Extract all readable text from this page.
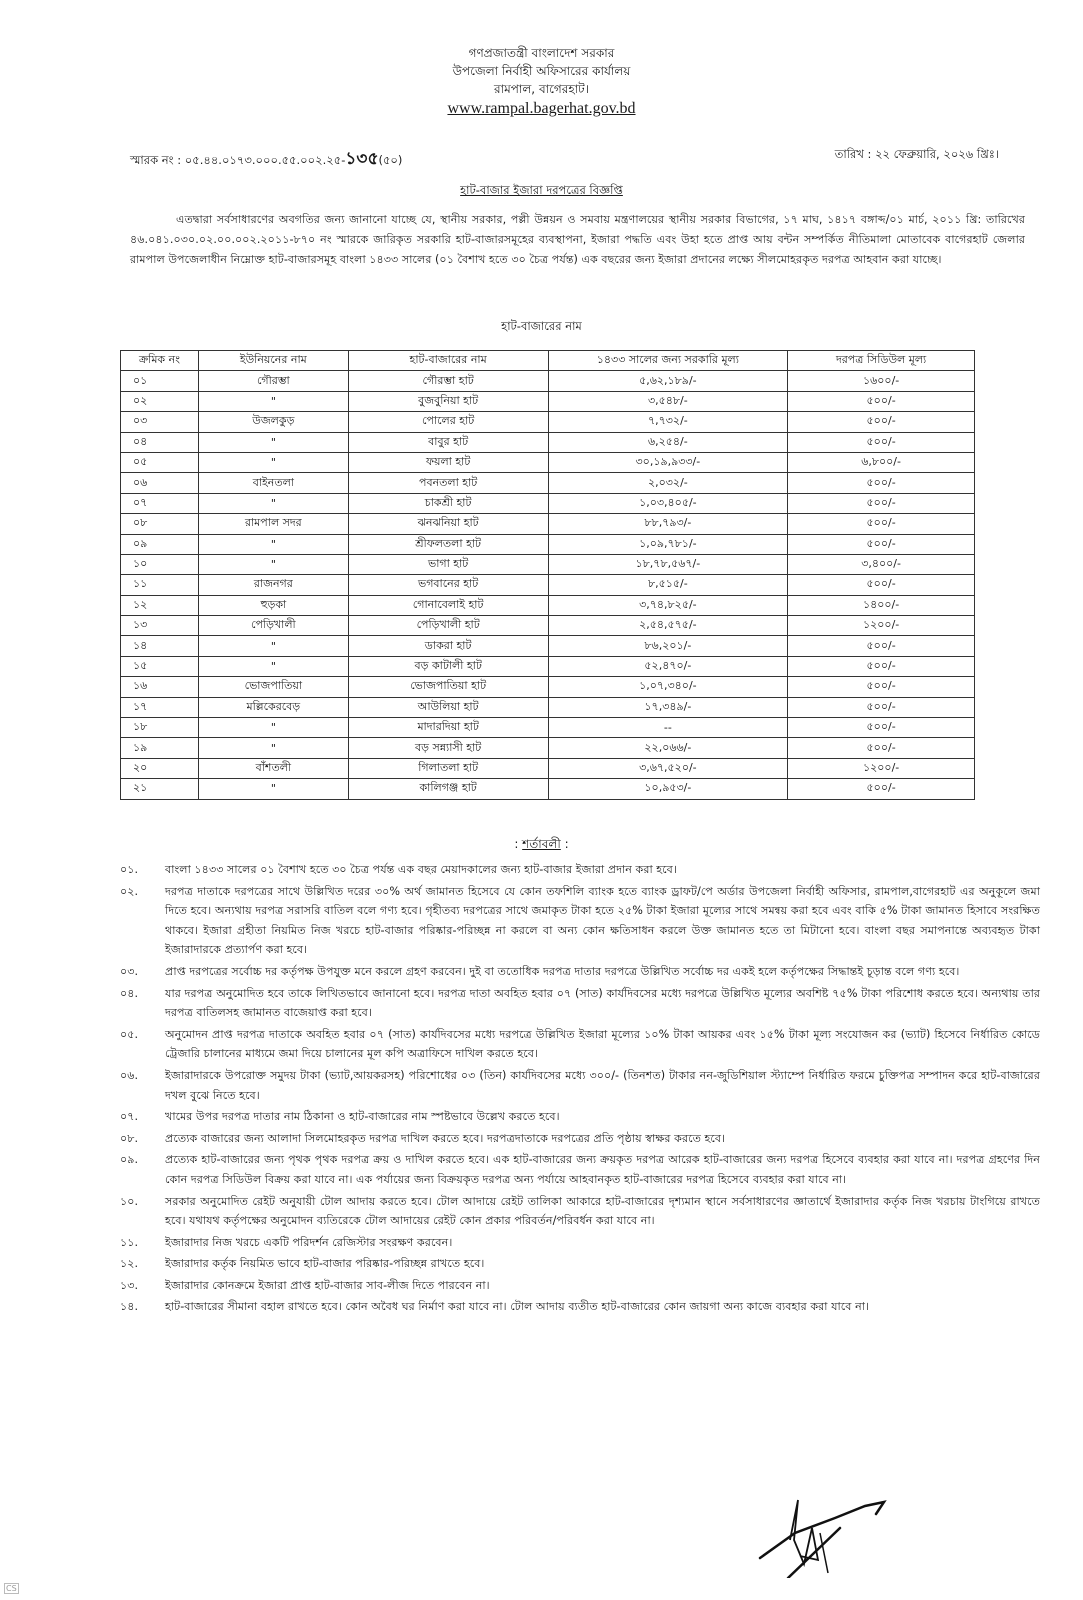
গণপ্রজাতন্ত্রী বাংলাদেশ সরকার
উপজেলা নির্বাহী অফিসারের কার্যালয়
রামপাল, বাগেরহাট।
www.rampal.bagerhat.gov.bd
স্মারক নং : ০৫.৪৪.০১৭৩.০০০.৫৫.০০২.২৫-১৩৫(৫০)	তারিখ : ২২ ফেব্রুয়ারি, ২০২৬ খ্রিঃ।
হাট-বাজার ইজারা দরপত্রের বিজ্ঞপ্তি
এতদ্বারা সর্বসাধারণের অবগতির জন্য জানানো যাচ্ছে যে, স্থানীয় সরকার, পল্লী উন্নয়ন ও সমবায় মন্ত্রণালয়ের স্থানীয় সরকার বিভাগের, ১৭ মাঘ, ১৪১৭ বঙ্গাব্দ/০১ মার্চ, ২০১১ খ্রি: তারিখের ৪৬.০৪১.০৩০.০২.০০.০০২.২০১১-৮৭০ নং স্মারকে জারিকৃত সরকারি হাট-বাজারসমূহের ব্যবস্থাপনা, ইজারা পদ্ধতি এবং উহা হতে প্রাপ্ত আয় বন্টন সম্পর্কিত নীতিমালা মোতাবেক বাগেরহাট জেলার রামপাল উপজেলাধীন নিম্নোক্ত হাট-বাজারসমূহ বাংলা ১৪৩৩ সালের (০১ বৈশাখ হতে ৩০ চৈত্র পর্যন্ত) এক বছরের জন্য ইজারা প্রদানের লক্ষ্যে সীলমোহরকৃত দরপত্র আহবান করা যাচ্ছে।
হাট-বাজারের নাম
ক্রমিক নং	ইউনিয়নের নাম	হাট-বাজারের নাম	১৪৩৩ সালের জন্য সরকারি মূল্য	দরপত্র সিডিউল মূল্য
০১	গৌরম্ভা	গৌরম্ভা হাট	৫,৬২,১৮৯/-	১৬০০/-
০২	"	বুজবুনিয়া হাট	৩,৫৪৮/-	৫০০/-
০৩	উজলকুড়	পোলের হাট	৭,৭৩২/-	৫০০/-
০৪	"	বাবুর হাট	৬,২৫৪/-	৫০০/-
০৫	"	ফয়লা হাট	৩০,১৯,৯৩৩/-	৬,৮০০/-
০৬	বাইনতলা	পবনতলা হাট	২,০৩২/-	৫০০/-
০৭	"	চাকশ্রী হাট	১,০৩,৪০৫/-	৫০০/-
০৮	রামপাল সদর	ঝনঝনিয়া হাট	৮৮,৭৯৩/-	৫০০/-
০৯	"	শ্রীফলতলা হাট	১,০৯,৭৮১/-	৫০০/-
১০	"	ভাগা হাট	১৮,৭৮,৫৬৭/-	৩,৪০০/-
১১	রাজনগর	ভগবানের হাট	৮,৫১৫/-	৫০০/-
১২	হুড়কা	গোনাবেলাই হাট	৩,৭৪,৮২৫/-	১৪০০/-
১৩	পেড়িখালী	পেড়িখালী হাট	২,৫৪,৫৭৫/-	১২০০/-
১৪	"	ডাকরা হাট	৮৬,২০১/-	৫০০/-
১৫	"	বড় কাটালী হাট	৫২,৪৭০/-	৫০০/-
১৬	ভোজপাতিয়া	ভোজপাতিয়া হাট	১,০৭,৩৪০/-	৫০০/-
১৭	মল্লিকেরবেড়	আউলিয়া হাট	১৭,৩৪৯/-	৫০০/-
১৮	"	মাদারদিয়া হাট	--	৫০০/-
১৯	"	বড় সন্ন্যাসী হাট	২২,০৬৬/-	৫০০/-
২০	বাঁশতলী	গিলাতলা হাট	৩,৬৭,৫২০/-	১২০০/-
২১	"	কালিগঞ্জ হাট	১০,৯৫৩/-	৫০০/-
: শর্তাবলী :
০১.	বাংলা ১৪৩৩ সালের ০১ বৈশাখ হতে ৩০ চৈত্র পর্যন্ত এক বছর মেয়াদকালের জন্য হাট-বাজার ইজারা প্রদান করা হবে।
০২.	দরপত্র দাতাকে দরপত্রের সাথে উল্লিখিত দরের ৩০% অর্থ জামানত হিসেবে যে কোন তফশিলি ব্যাংক হতে ব্যাংক ড্রাফট/পে অর্ডার উপজেলা নির্বাহী অফিসার, রামপাল,বাগেরহাট এর অনুকূলে জমা দিতে হবে। অন্যথায় দরপত্র সরাসরি বাতিল বলে গণ্য হবে। গৃহীতব্য দরপত্রের সাথে জমাকৃত টাকা হতে ২৫% টাকা ইজারা মূল্যের সাথে সমন্বয় করা হবে এবং বাকি ৫% টাকা জামানত হিসাবে সংরক্ষিত থাকবে। ইজারা গ্রহীতা নিয়মিত নিজ খরচে হাট-বাজার পরিষ্কার-পরিচ্ছন্ন না করলে বা অন্য কোন ক্ষতিসাধন করলে উক্ত জামানত হতে তা মিটানো হবে। বাংলা বছর সমাপনান্তে অব্যবহৃত টাকা ইজারাদারকে প্রত্যার্পণ করা হবে।
০৩.	প্রাপ্ত দরপত্রের সর্বোচ্চ দর কর্তৃপক্ষ উপযুক্ত মনে করলে গ্রহণ করবেন। দুই বা ততোধিক দরপত্র দাতার দরপত্রে উল্লিখিত সর্বোচ্চ দর একই হলে কর্তৃপক্ষের সিদ্ধান্তই চূড়ান্ত বলে গণ্য হবে।
০৪.	যার দরপত্র অনুমোদিত হবে তাকে লিখিতভাবে জানানো হবে। দরপত্র দাতা অবহিত হবার ০৭ (সাত) কার্যদিবসের মধ্যে দরপত্রে উল্লিখিত মূল্যের অবশিষ্ট ৭৫% টাকা পরিশোধ করতে হবে। অন্যথায় তার দরপত্র বাতিলসহ জামানত বাজেয়াপ্ত করা হবে।
০৫.	অনুমোদন প্রাপ্ত দরপত্র দাতাকে অবহিত হবার ০৭ (সাত) কার্যদিবসের মধ্যে দরপত্রে উল্লিখিত ইজারা মূল্যের ১০% টাকা আয়কর এবং ১৫% টাকা মূল্য সংযোজন কর (ভ্যাট) হিসেবে নির্ধারিত কোডে ট্রেজারি চালানের মাধ্যমে জমা দিয়ে চালানের মূল কপি অত্রাফিসে দাখিল করতে হবে।
০৬.	ইজারাদারকে উপরোক্ত সমুদয় টাকা (ভ্যাট,আয়করসহ) পরিশোধের ০৩ (তিন) কার্যদিবসের মধ্যে ৩০০/- (তিনশত) টাকার নন-জুডিশিয়াল স্ট্যাম্পে নির্ধারিত ফরমে চুক্তিপত্র সম্পাদন করে হাট-বাজারের দখল বুঝে নিতে হবে।
০৭.	খামের উপর দরপত্র দাতার নাম ঠিকানা ও হাট-বাজারের নাম স্পষ্টভাবে উল্লেখ করতে হবে।
০৮.	প্রত্যেক বাজারের জন্য আলাদা সিলমোহরকৃত দরপত্র দাখিল করতে হবে। দরপত্রদাতাকে দরপত্রের প্রতি পৃষ্ঠায় স্বাক্ষর করতে হবে।
০৯.	প্রত্যেক হাট-বাজারের জন্য পৃথক পৃথক দরপত্র ক্রয় ও দাখিল করতে হবে। এক হাট-বাজারের জন্য ক্রয়কৃত দরপত্র আরেক হাট-বাজারের জন্য দরপত্র হিসেবে ব্যবহার করা যাবে না। দরপত্র গ্রহণের দিন কোন দরপত্র সিডিউল বিক্রয় করা যাবে না। এক পর্যায়ের জন্য বিক্রয়কৃত দরপত্র অন্য পর্যায়ে আহবানকৃত হাট-বাজারের দরপত্র হিসেবে ব্যবহার করা যাবে না।
১০.	সরকার অনুমোদিত রেইট অনুযায়ী টোল আদায় করতে হবে। টোল আদায়ে রেইট তালিকা আকারে হাট-বাজারের দৃশ্যমান স্থানে সর্বসাধারণের জ্ঞাতার্থে ইজারাদার কর্তৃক নিজ খরচায় টাংগিয়ে রাখতে হবে। যথাযথ কর্তৃপক্ষের অনুমোদন ব্যতিরেকে টোল আদায়ের রেইট কোন প্রকার পরিবর্তন/পরিবর্ধন করা যাবে না।
১১.	ইজারাদার নিজ খরচে একটি পরিদর্শন রেজিস্টার সংরক্ষণ করবেন।
১২.	ইজারাদার কর্তৃক নিয়মিত ভাবে হাট-বাজার পরিষ্কার-পরিচ্ছন্ন রাখতে হবে।
১৩.	ইজারাদার কোনক্রমে ইজারা প্রাপ্ত হাট-বাজার সাব-লীজ দিতে পারবেন না।
১৪.	হাট-বাজারের সীমানা বহাল রাখতে হবে। কোন অবৈধ ঘর নির্মাণ করা যাবে না। টোল আদায় ব্যতীত হাট-বাজারের কোন জায়গা অন্য কাজে ব্যবহার করা যাবে না।
CS
